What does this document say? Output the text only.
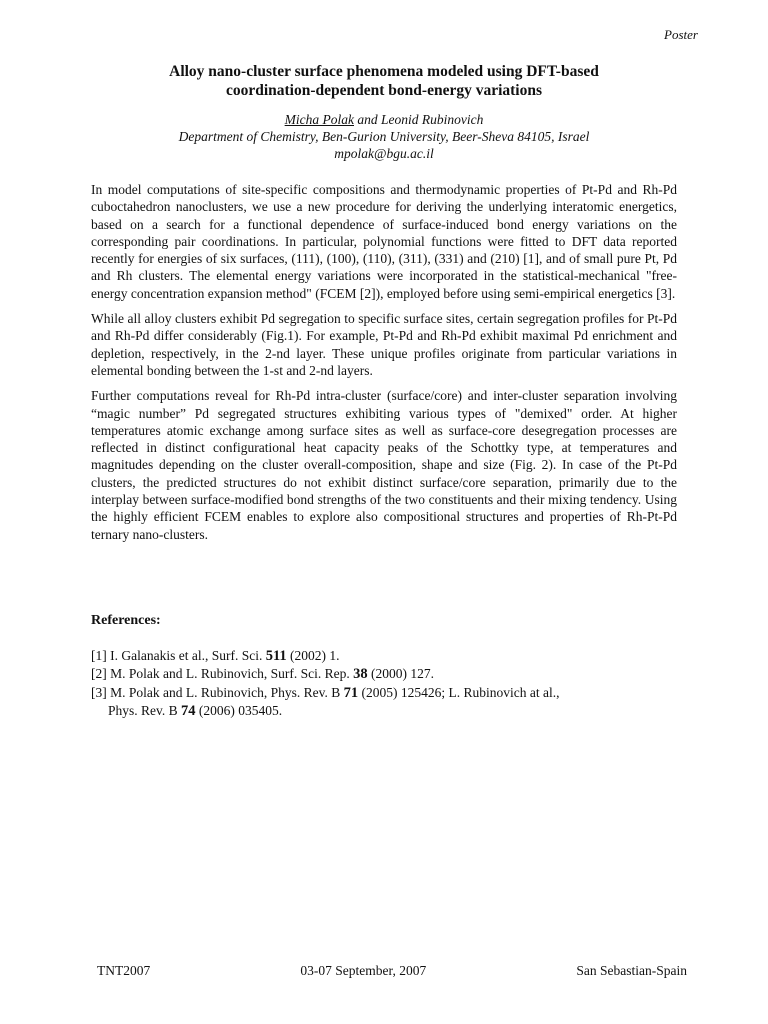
Poster
Alloy nano-cluster surface phenomena modeled using DFT-based
coordination-dependent bond-energy variations
Micha Polak and Leonid Rubinovich
Department of Chemistry, Ben-Gurion University, Beer-Sheva 84105, Israel
mpolak@bgu.ac.il

In model computations of site-specific compositions and thermodynamic properties of Pt-Pd and Rh-Pd cuboctahedron nanoclusters, we use a new procedure for deriving the underlying interatomic energetics, based on a search for a functional dependence of surface-induced bond energy variations on the corresponding pair coordinations. In particular, polynomial functions were fitted to DFT data reported recently for energies of six surfaces, (111), (100), (110), (311), (331) and (210) [1], and of small pure Pt, Pd and Rh clusters. The elemental energy variations were incorporated in the statistical-mechanical "free-energy concentration expansion method" (FCEM [2]), employed before using semi-empirical energetics [3].

While all alloy clusters exhibit Pd segregation to specific surface sites, certain segregation profiles for Pt-Pd and Rh-Pd differ considerably (Fig.1). For example, Pt-Pd and Rh-Pd exhibit maximal Pd enrichment and depletion, respectively, in the 2-nd layer. These unique profiles originate from particular variations in elemental bonding between the 1-st and 2-nd layers.

Further computations reveal for Rh-Pd intra-cluster (surface/core) and inter-cluster separation involving “magic number” Pd segregated structures exhibiting various types of "demixed" order. At higher temperatures atomic exchange among surface sites as well as surface-core desegregation processes are reflected in distinct configurational heat capacity peaks of the Schottky type, at temperatures and magnitudes depending on the cluster overall-composition, shape and size (Fig. 2). In case of the Pt-Pd clusters, the predicted structures do not exhibit distinct surface/core separation, primarily due to the interplay between surface-modified bond strengths of the two constituents and their mixing tendency. Using the highly efficient FCEM enables to explore also compositional structures and properties of Rh-Pt-Pd ternary nano-clusters.

References:
[1] I. Galanakis et al., Surf. Sci. 511 (2002) 1.
[2] M. Polak and L. Rubinovich, Surf. Sci. Rep. 38 (2000) 127.
[3] M. Polak and L. Rubinovich, Phys. Rev. B 71 (2005) 125426; L. Rubinovich at al.,
Phys. Rev. B 74 (2006) 035405.
TNT2007	03-07 September, 2007	San Sebastian-Spain
